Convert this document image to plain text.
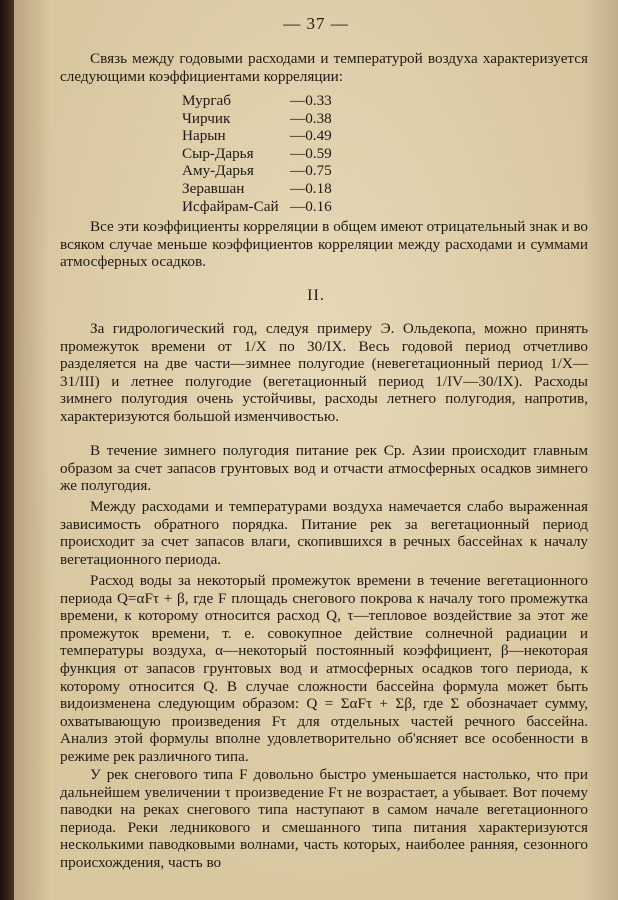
— 37 —

Связь между годовыми расходами и температурой воздуха характеризуется следующими коэффициентами корреляции:

Мургаб	—0.33
Чирчик	—0.38
Нарын	—0.49
Сыр-Дарья	—0.59
Аму-Дарья	—0.75
Зеравшан	—0.18
Исфайрам-Сай	—0.16

Все эти коэффициенты корреляции в общем имеют отрицательный знак и во всяком случае меньше коэффициентов корреляции между расходами и суммами атмосферных осадков.

II.

За гидрологический год, следуя примеру Э. Ольдекопа, можно принять промежуток времени от 1/X по 30/IX. Весь годовой период отчетливо разделяется на две части—зимнее полугодие (невегетационный период 1/X—31/III) и летнее полугодие (вегетационный период 1/IV—30/IX). Расходы зимнего полугодия очень устойчивы, расходы летнего полугодия, напротив, характеризуются большой изменчивостью.

В течение зимнего полугодия питание рек Ср. Азии происходит главным образом за счет запасов грунтовых вод и отчасти атмосферных осадков зимнего же полугодия.

Между расходами и температурами воздуха намечается слабо выраженная зависимость обратного порядка. Питание рек за вегетационный период происходит за счет запасов влаги, скопившихся в речных бассейнах к началу вегетационного периода.

Расход воды за некоторый промежуток времени в течение вегетационного периода Q=αFτ + β, где F площадь снегового покрова к началу того промежутка времени, к которому относится расход Q, τ—тепловое воздействие за этот же промежуток времени, т. е. совокупное действие солнечной радиации и температуры воздуха, α—некоторый постоянный коэффициент, β—некоторая функция от запасов грунтовых вод и атмосферных осадков того периода, к которому относится Q. В случае сложности бассейна формула может быть видоизменена следующим образом: Q = ΣαFτ + Σβ, где Σ обозначает сумму, охватывающую произведения Fτ для отдельных частей речного бассейна. Анализ этой формулы вполне удовлетворительно об'ясняет все особенности в режиме рек различного типа.

У рек снегового типа F довольно быстро уменьшается настолько, что при дальнейшем увеличении τ произведение Fτ не возрастает, а убывает. Вот почему паводки на реках снегового типа наступают в самом начале вегетационного периода. Реки ледникового и смешанного типа питания характеризуются несколькими паводковыми волнами, часть которых, наиболее ранняя, сезонного происхождения, часть во
